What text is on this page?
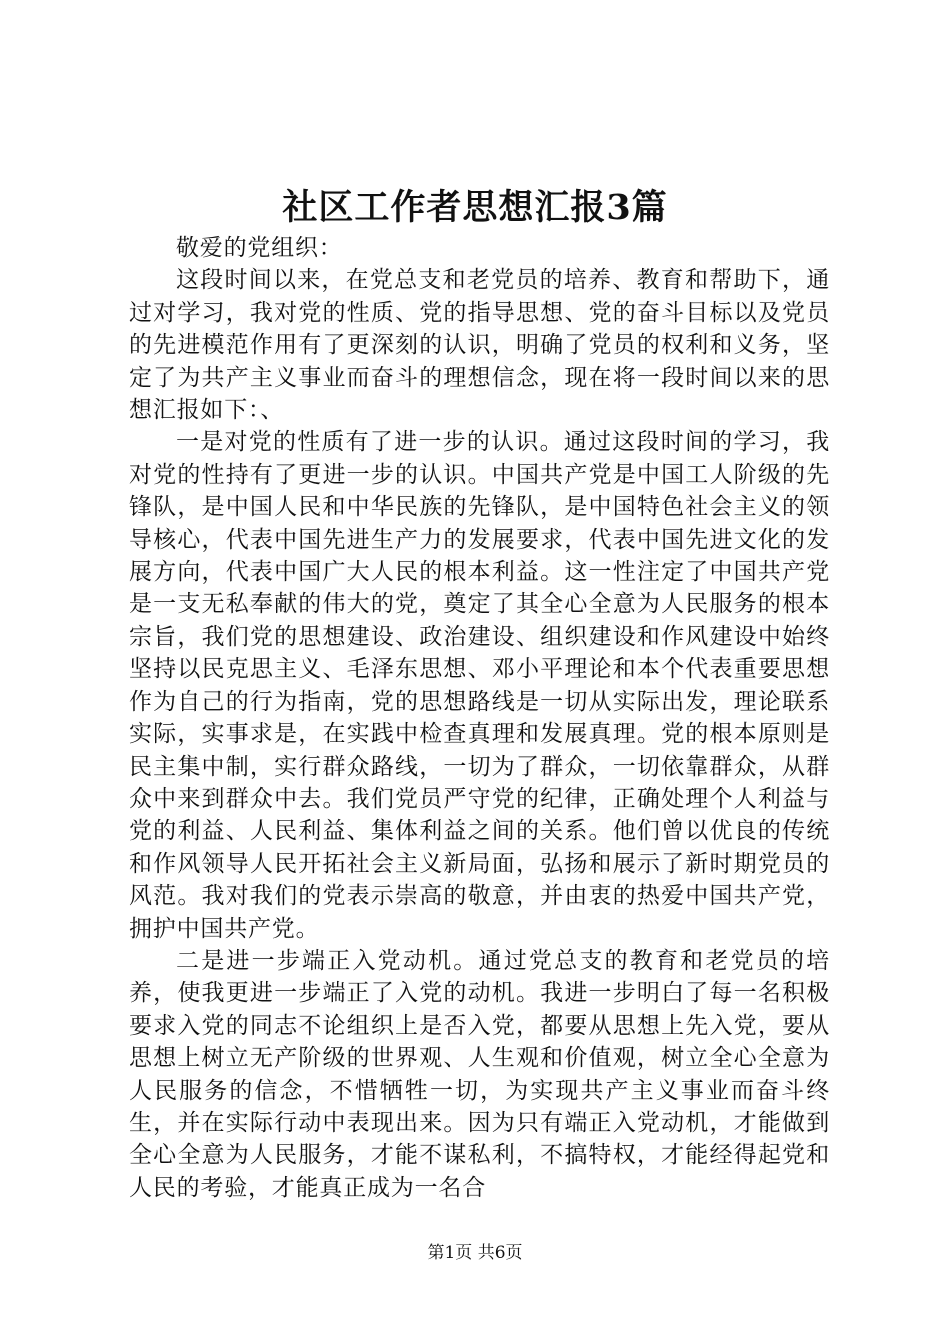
社区工作者思想汇报3篇

敬爱的党组织：

这段时间以来，在党总支和老党员的培养、教育和帮助下，通过对学习，我对党的性质、党的指导思想、党的奋斗目标以及党员的先进模范作用有了更深刻的认识，明确了党员的权利和义务，坚定了为共产主义事业而奋斗的理想信念，现在将一段时间以来的思想汇报如下：、

一是对党的性质有了进一步的认识。通过这段时间的学习，我对党的性持有了更进一步的认识。中国共产党是中国工人阶级的先锋队，是中国人民和中华民族的先锋队，是中国特色社会主义的领导核心，代表中国先进生产力的发展要求，代表中国先进文化的发展方向，代表中国广大人民的根本利益。这一性注定了中国共产党是一支无私奉献的伟大的党，奠定了其全心全意为人民服务的根本宗旨，我们党的思想建设、政治建设、组织建设和作风建设中始终坚持以民克思主义、毛泽东思想、邓小平理论和本个代表重要思想作为自己的行为指南，党的思想路线是一切从实际出发，理论联系实际，实事求是，在实践中检查真理和发展真理。党的根本原则是民主集中制，实行群众路线，一切为了群众，一切依靠群众，从群众中来到群众中去。我们党员严守党的纪律，正确处理个人利益与党的利益、人民利益、集体利益之间的关系。他们曾以优良的传统和作风领导人民开拓社会主义新局面，弘扬和展示了新时期党员的风范。我对我们的党表示崇高的敬意，并由衷的热爱中国共产党，拥护中国共产党。

二是进一步端正入党动机。通过党总支的教育和老党员的培养，使我更进一步端正了入党的动机。我进一步明白了每一名积极要求入党的同志不论组织上是否入党，都要从思想上先入党，要从思想上树立无产阶级的世界观、人生观和价值观，树立全心全意为人民服务的信念，不惜牺牲一切，为实现共产主义事业而奋斗终生，并在实际行动中表现出来。因为只有端正入党动机，才能做到全心全意为人民服务，才能不谋私利，不搞特权，才能经得起党和人民的考验，才能真正成为一名合

第1页 共6页
